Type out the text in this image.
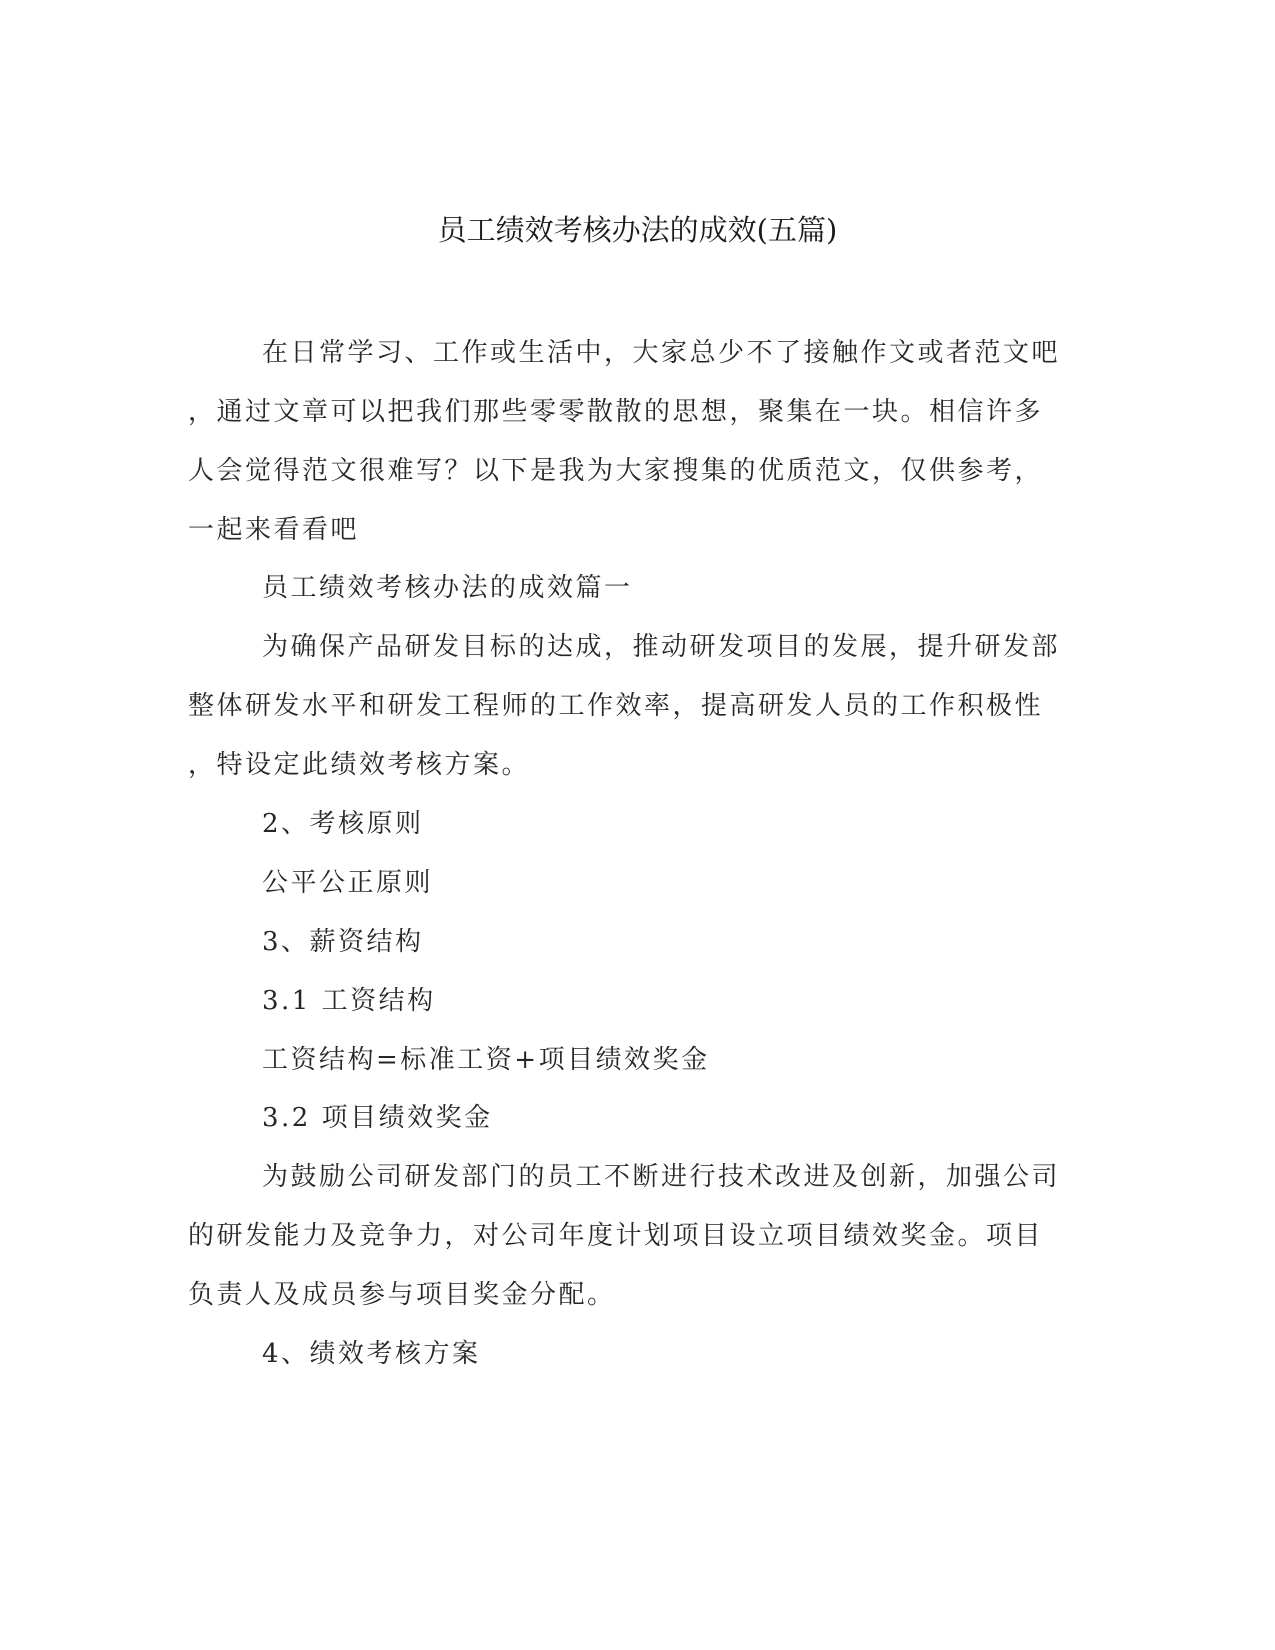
员工绩效考核办法的成效(五篇)
在日常学习、工作或生活中，大家总少不了接触作文或者范文吧
，通过文章可以把我们那些零零散散的思想，聚集在一块。相信许多
人会觉得范文很难写？以下是我为大家搜集的优质范文，仅供参考，
一起来看看吧
员工绩效考核办法的成效篇一
为确保产品研发目标的达成，推动研发项目的发展，提升研发部
整体研发水平和研发工程师的工作效率，提高研发人员的工作积极性
，特设定此绩效考核方案。
2、考核原则
公平公正原则
3、薪资结构
3.1 工资结构
工资结构=标准工资+项目绩效奖金
3.2 项目绩效奖金
为鼓励公司研发部门的员工不断进行技术改进及创新，加强公司
的研发能力及竞争力，对公司年度计划项目设立项目绩效奖金。项目
负责人及成员参与项目奖金分配。
4、绩效考核方案
